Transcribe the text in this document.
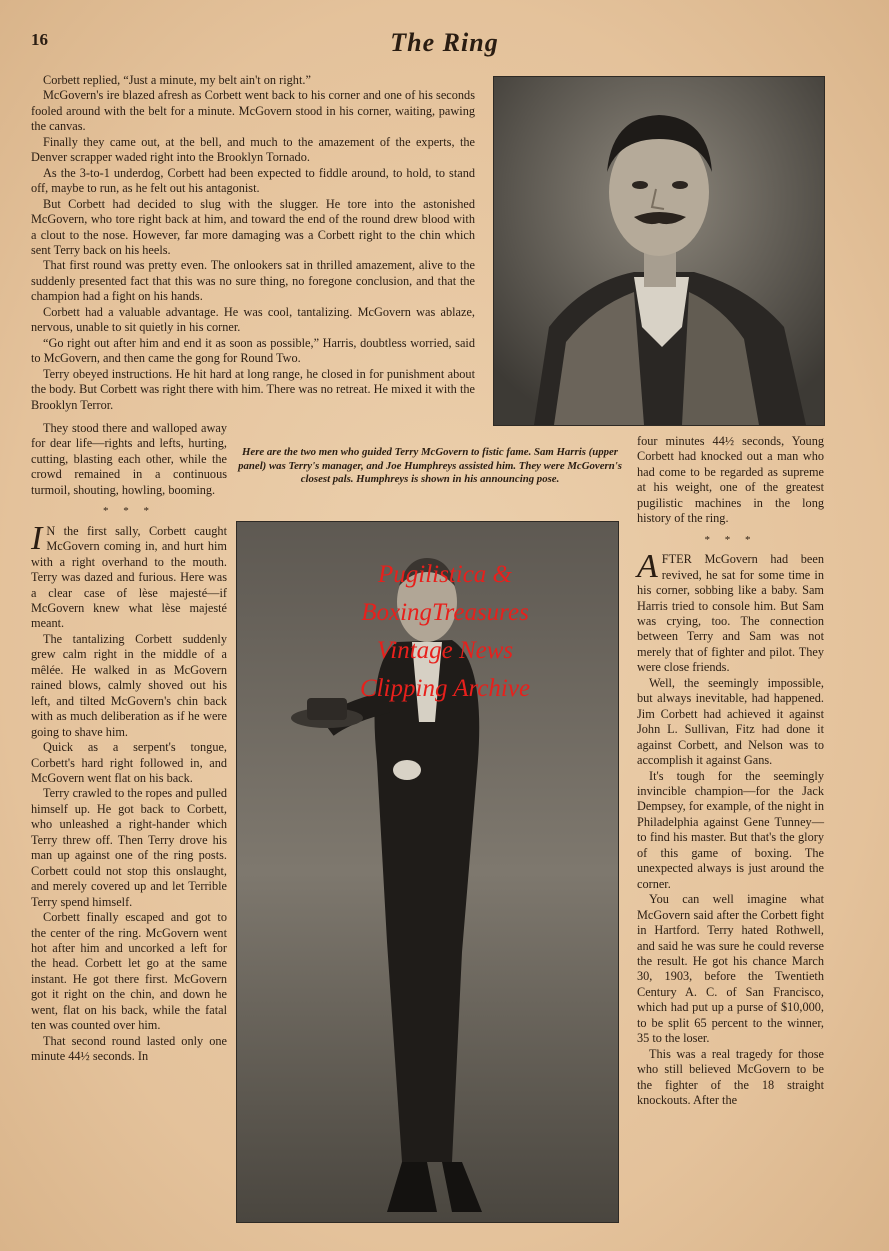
16	The Ring

Corbett replied, “Just a minute, my belt ain't on right.”

McGovern's ire blazed afresh as Corbett went back to his corner and one of his seconds fooled around with the belt for a minute. McGovern stood in his corner, waiting, pawing the canvas.

Finally they came out, at the bell, and much to the amazement of the experts, the Denver scrapper waded right into the Brooklyn Tornado.

As the 3-to-1 underdog, Corbett had been expected to fiddle around, to hold, to stand off, maybe to run, as he felt out his antagonist.

But Corbett had decided to slug with the slugger. He tore into the astonished McGovern, who tore right back at him, and toward the end of the round drew blood with a clout to the nose. However, far more damaging was a Corbett right to the chin which sent Terry back on his heels.

That first round was pretty even. The onlookers sat in thrilled amazement, alive to the suddenly presented fact that this was no sure thing, no foregone conclusion, and that the champion had a fight on his hands.

Corbett had a valuable advantage. He was cool, tantalizing. McGovern was ablaze, nervous, unable to sit quietly in his corner.

“Go right out after him and end it as soon as possible,” Harris, doubtless worried, said to McGovern, and then came the gong for Round Two.

Terry obeyed instructions. He hit hard at long range, he closed in for punishment about the body. But Corbett was right there with him. There was no retreat. He mixed it with the Brooklyn Terror.

Here are the two men who guided Terry McGovern to fistic fame. Sam Harris (upper panel) was Terry's manager, and Joe Humphreys assisted him. They were McGovern's closest pals. Humphreys is shown in his announcing pose.

They stood there and walloped away for dear life—rights and lefts, hurting, cutting, blasting each other, while the crowd remained in a continuous turmoil, shouting, howling, booming.

* * *

I N the first sally, Corbett caught McGovern coming in, and hurt him with a right overhand to the mouth. Terry was dazed and furious. Here was a clear case of lèse majesté—if McGovern knew what lèse majesté meant.

The tantalizing Corbett suddenly grew calm right in the middle of a mêlée. He walked in as McGovern rained blows, calmly shoved out his left, and tilted McGovern's chin back with as much deliberation as if he were going to shave him.

Quick as a serpent's tongue, Corbett's hard right followed in, and McGovern went flat on his back.

Terry crawled to the ropes and pulled himself up. He got back to Corbett, who unleashed a right-hander which Terry threw off. Then Terry drove his man up against one of the ring posts. Corbett could not stop this onslaught, and merely covered up and let Terrible Terry spend himself.

Corbett finally escaped and got to the center of the ring. McGovern went hot after him and uncorked a left for the head. Corbett let go at the same instant. He got there first. McGovern got it right on the chin, and down he went, flat on his back, while the fatal ten was counted over him.

That second round lasted only one minute 44½ seconds. In

four minutes 44½ seconds, Young Corbett had knocked out a man who had come to be regarded as supreme at his weight, one of the greatest pugilistic machines in the long history of the ring.

* * *

AFTER McGovern had been revived, he sat for some time in his corner, sobbing like a baby. Sam Harris tried to console him. But Sam was crying, too. The connection between Terry and Sam was not merely that of fighter and pilot. They were close friends.

Well, the seemingly impossible, but always inevitable, had happened. Jim Corbett had achieved it against John L. Sullivan, Fitz had done it against Corbett, and Nelson was to accomplish it against Gans.

It's tough for the seemingly invincible champion—for the Jack Dempsey, for example, of the night in Philadelphia against Gene Tunney—to find his master. But that's the glory of this game of boxing. The unexpected always is just around the corner.

You can well imagine what McGovern said after the Corbett fight in Hartford. Terry hated Rothwell, and said he was sure he could reverse the result. He got his chance March 30, 1903, before the Twentieth Century A. C. of San Francisco, which had put up a purse of $10,000, to be split 65 percent to the winner, 35 to the loser.

This was a real tragedy for those who still believed McGovern to be the fighter of the 18 straight knockouts. After the

Pugilistica &
BoxingTreasures
Vintage News
Clipping Archive
